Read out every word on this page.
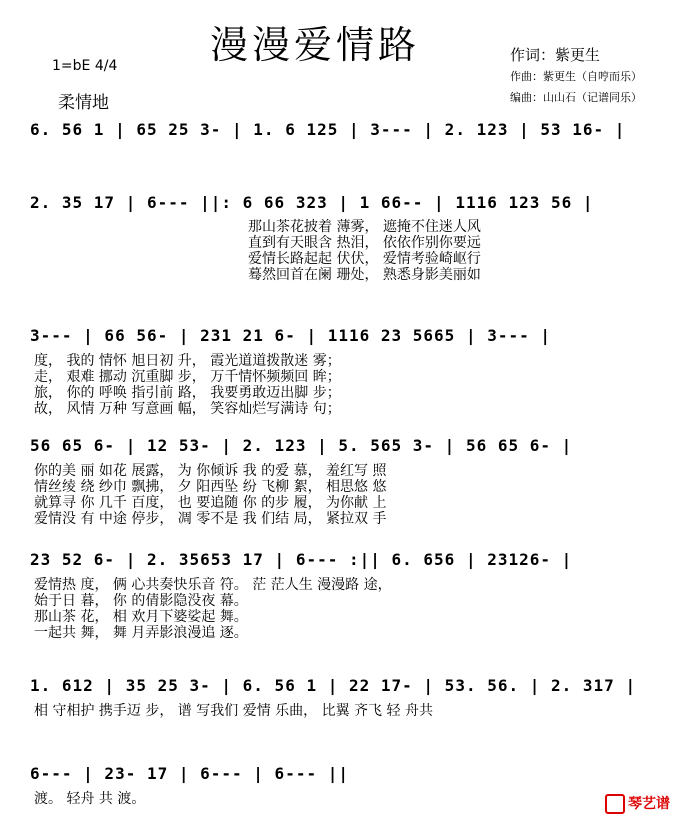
漫漫爱情路
1=bE 4/4
柔情地
作词：紫更生
作曲：紫更生（自哼而乐）
编曲：山山石（记谱同乐）
6. 56 1 | 65 25 3- | 1. 6 125 | 3--- | 2. 123 | 53 16- |
2. 35 17 | 6--- ||: 6 66 323 | 1 66-- | 1116 123 56 |
那山茶花披着 薄雾， 遮掩不住迷人风
直到有天眼含 热泪， 依依作别你要远
爱情长路起起 伏伏， 爱情考验崎岖行
蓦然回首在阑 珊处， 熟悉身影美丽如
3--- | 66 56- | 231 21 6- | 1116 23 5665 | 3--- |
度， 我的 情怀 旭日初 升， 霞光道道拨散迷 雾；
走， 艰难 挪动 沉重脚 步， 万千情怀频频回 眸；
旅， 你的 呼唤 指引前 路， 我要勇敢迈出脚 步；
故， 风情 万种 写意画 幅， 笑容灿烂写满诗 句；
56 65 6- | 12 53- | 2. 123 | 5. 565 3- | 56 65 6- |
你的美 丽 如花 展露， 为 你倾诉 我 的爱 慕， 羞红写 照
情丝绫 绕 纱巾 飘拂， 夕 阳西坠 纷 飞柳 絮， 相思悠 悠
就算寻 你 几千 百度， 也 要追随 你 的步 履， 为你献 上
爱情没 有 中途 停步， 凋 零不是 我 们结 局， 紧拉双 手
23 52 6- | 2. 35653 17 | 6--- :|| 6. 656 | 23126- |
爱情热 度， 俩 心共奏快乐音 符。 茫 茫人生 漫漫路 途，
始于日 暮， 你 的倩影隐没夜 幕。
那山茶 花， 相 欢月下婆娑起 舞。
一起共 舞， 舞 月弄影浪漫追 逐。
1. 612 | 35 25 3- | 6. 56 1 | 22 17- | 53. 56. | 2. 317 |
相 守相护 携手迈 步， 谱 写我们 爱情 乐曲， 比翼 齐飞 轻 舟共
6--- | 23- 17 | 6--- | 6--- ||
渡。 轻舟 共 渡。	琴艺谱
